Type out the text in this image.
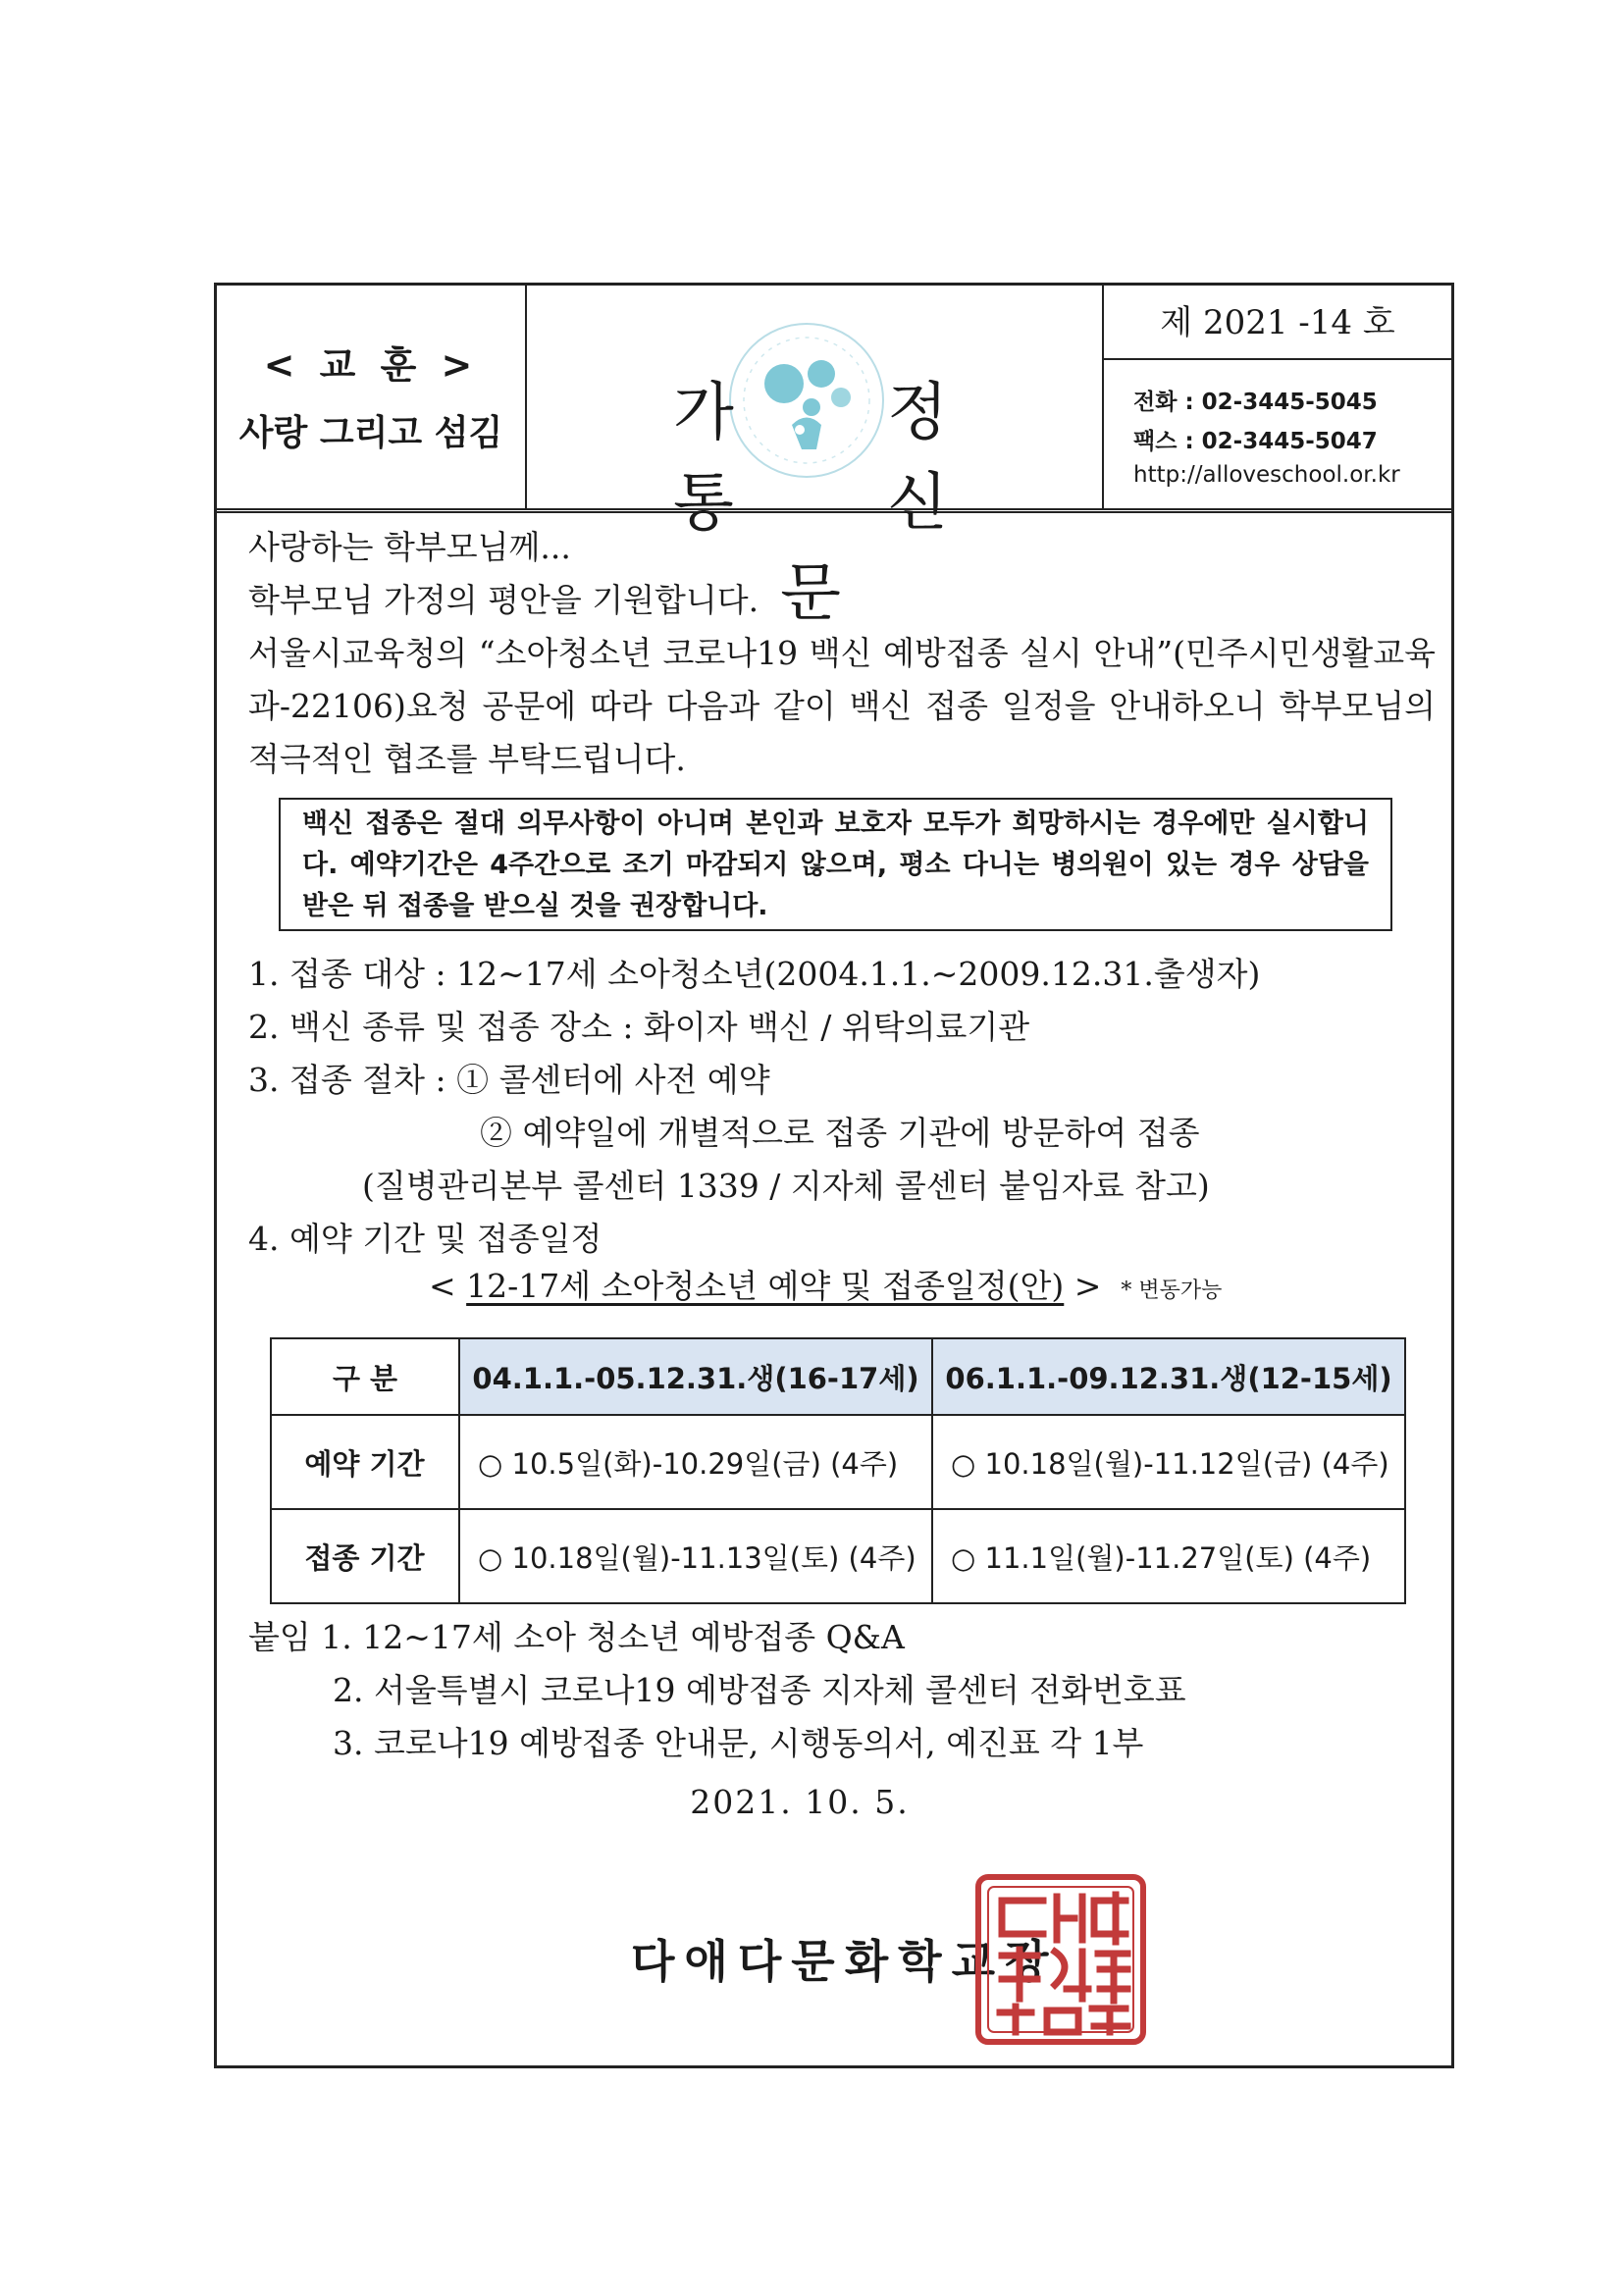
< 교 훈 >
사랑 그리고 섬김	가 정 통 신 문
제 2021 -14 호
전화 : 02-3445-5045
팩스 : 02-3445-5047
http://alloveschool.or.kr
사랑하는 학부모님께...
학부모님 가정의 평안을 기원합니다.
서울시교육청의 “소아청소년 코로나19 백신 예방접종 실시 안내”(민주시민생활교육과-22106)요청 공문에 따라 다음과 같이 백신 접종 일정을 안내하오니 학부모님의 적극적인 협조를 부탁드립니다.
백신 접종은 절대 의무사항이 아니며 본인과 보호자 모두가 희망하시는 경우에만 실시합니다. 예약기간은 4주간으로 조기 마감되지 않으며, 평소 다니는 병의원이 있는 경우 상담을 받은 뒤 접종을 받으실 것을 권장합니다.
1. 접종 대상 : 12~17세 소아청소년(2004.1.1.~2009.12.31.출생자)
2. 백신 종류 및 접종 장소 : 화이자 백신 / 위탁의료기관
3. 접종 절차 : ① 콜센터에 사전 예약
② 예약일에 개별적으로 접종 기관에 방문하여 접종
(질병관리본부 콜센터 1339 / 지자체 콜센터 붙임자료 참고)
4. 예약 기간 및 접종일정
< 12-17세 소아청소년 예약 및 접종일정(안) > * 변동가능
구 분	04.1.1.-05.12.31.생(16-17세)	06.1.1.-09.12.31.생(12-15세)
예약 기간	○ 10.5일(화)-10.29일(금) (4주)	○ 10.18일(월)-11.12일(금) (4주)
접종 기간	○ 10.18일(월)-11.13일(토) (4주)	○ 11.1일(월)-11.27일(토) (4주)
붙임 1. 12~17세 소아 청소년 예방접종 Q&A
2. 서울특별시 코로나19 예방접종 지자체 콜센터 전화번호표
3. 코로나19 예방접종 안내문, 시행동의서, 예진표 각 1부
2021. 10. 5.
다애다문화학교장
